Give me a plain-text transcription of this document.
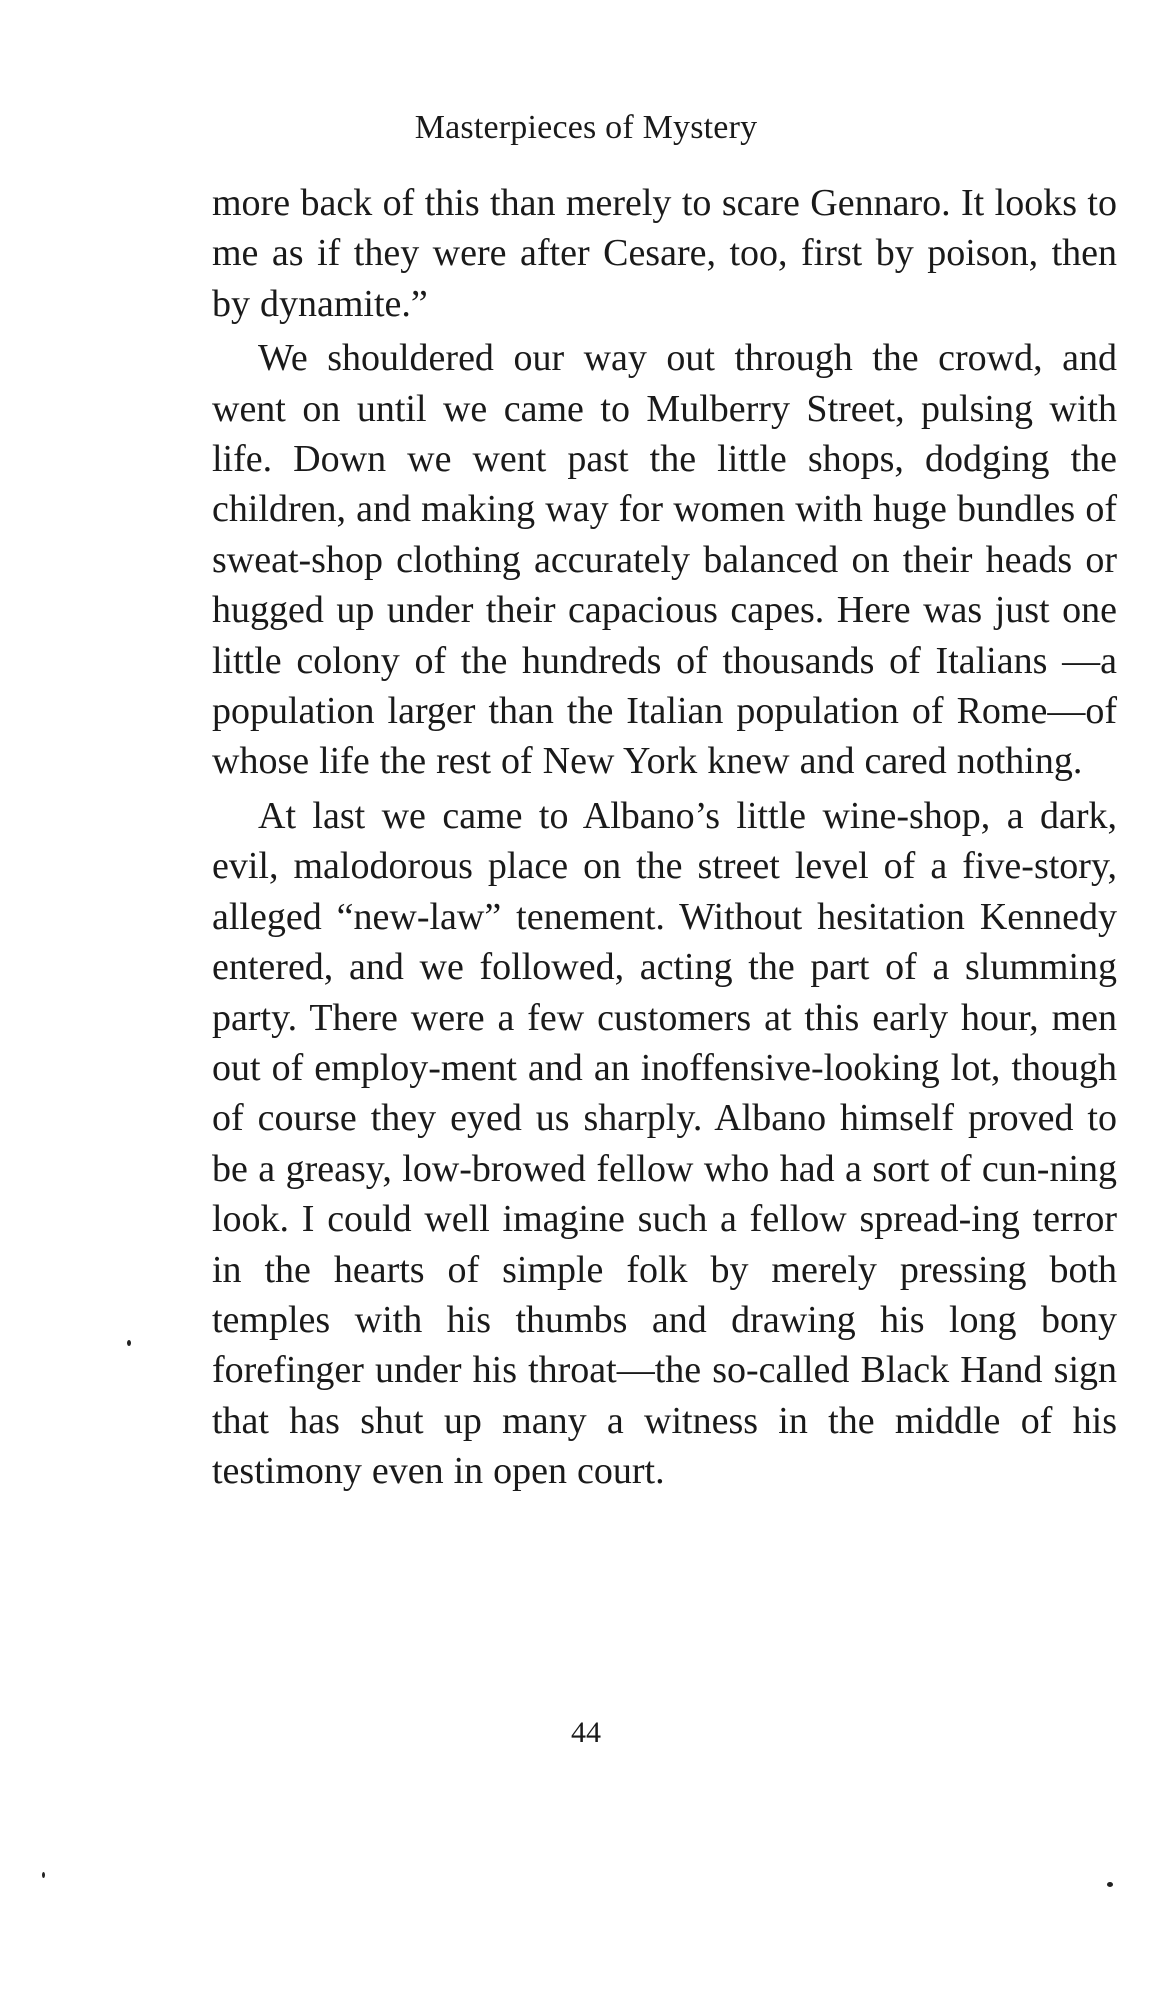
Masterpieces of Mystery

more back of this than merely to scare Gennaro. It looks to me as if they were after Cesare, too, first by poison, then by dynamite.”

We shouldered our way out through the crowd, and went on until we came to Mulberry Street, pulsing with life. Down we went past the little shops, dodging the children, and making way for women with huge bundles of sweat-shop clothing accurately balanced on their heads or hugged up under their capacious capes. Here was just one little colony of the hundreds of thousands of Italians —a population larger than the Italian population of Rome—of whose life the rest of New York knew and cared nothing.

At last we came to Albano’s little wine-shop, a dark, evil, malodorous place on the street level of a five-story, alleged “new-law” tenement. Without hesitation Kennedy entered, and we followed, acting the part of a slumming party. There were a few customers at this early hour, men out of employ-ment and an inoffensive-looking lot, though of course they eyed us sharply. Albano himself proved to be a greasy, low-browed fellow who had a sort of cun-ning look. I could well imagine such a fellow spread-ing terror in the hearts of simple folk by merely pressing both temples with his thumbs and drawing his long bony forefinger under his throat—the so-called Black Hand sign that has shut up many a witness in the middle of his testimony even in open court.

44
